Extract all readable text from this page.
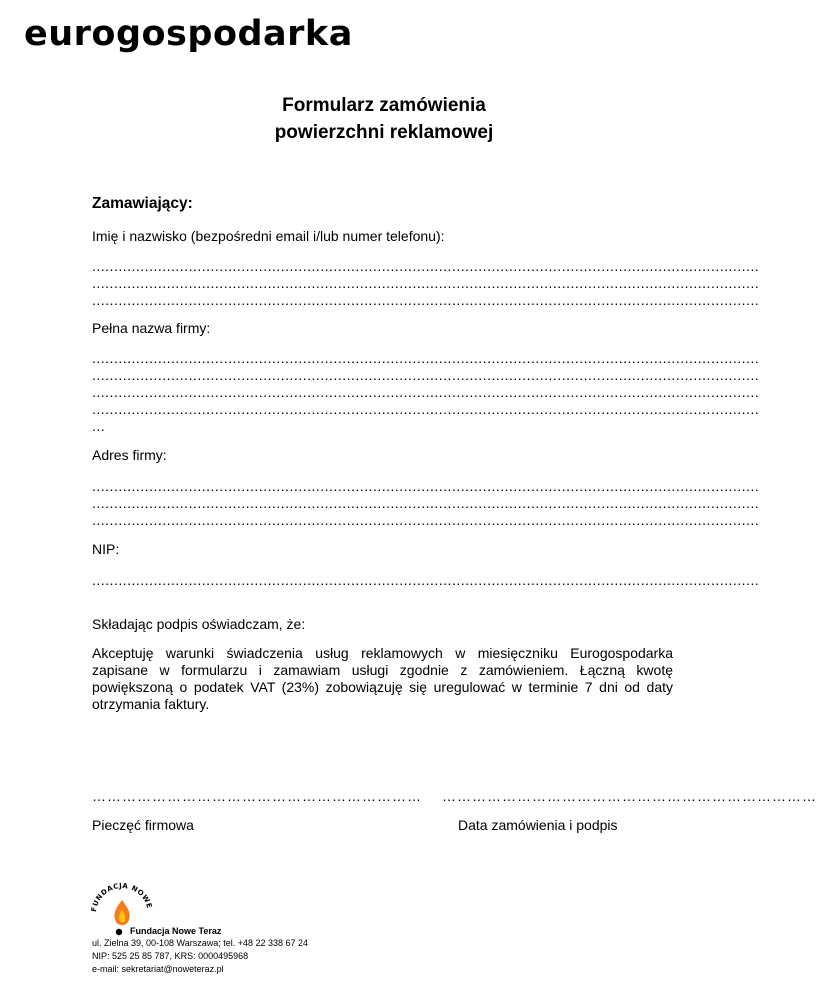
eurogospodarka
Formularz zamówienia
powierzchni reklamowej
Zamawiający:
Imię i nazwisko (bezpośredni email i/lub numer telefonu):
........................................................................................................................................................
........................................................................................................................................................
........................................................................................................................................................
Pełna nazwa firmy:
........................................................................................................................................................
........................................................................................................................................................
........................................................................................................................................................
........................................................................................................................................................
...
Adres firmy:
........................................................................................................................................................
........................................................................................................................................................
........................................................................................................................................................
NIP:
........................................................................................................................................................
Składając podpis oświadczam, że:
Akceptuję warunki świadczenia usług reklamowych w miesięczniku Eurogospodarka zapisane w formularzu i zamawiam usługi zgodnie z zamówieniem. Łączną kwotę powiększoną o podatek VAT (23%) zobowiązuję się uregulować w terminie 7 dni od daty otrzymania faktury.
………………………………………………………… …………………………………………………………………
Pieczęć firmowa	Data zamówienia i podpis
FUNDACJA NOWE
Fundacja Nowe Teraz
ul. Zielna 39, 00-108 Warszawa; tel. +48 22 338 67 24
NIP: 525 25 85 787, KRS: 0000495968
e-mail: sekretariat@noweteraz.pl
